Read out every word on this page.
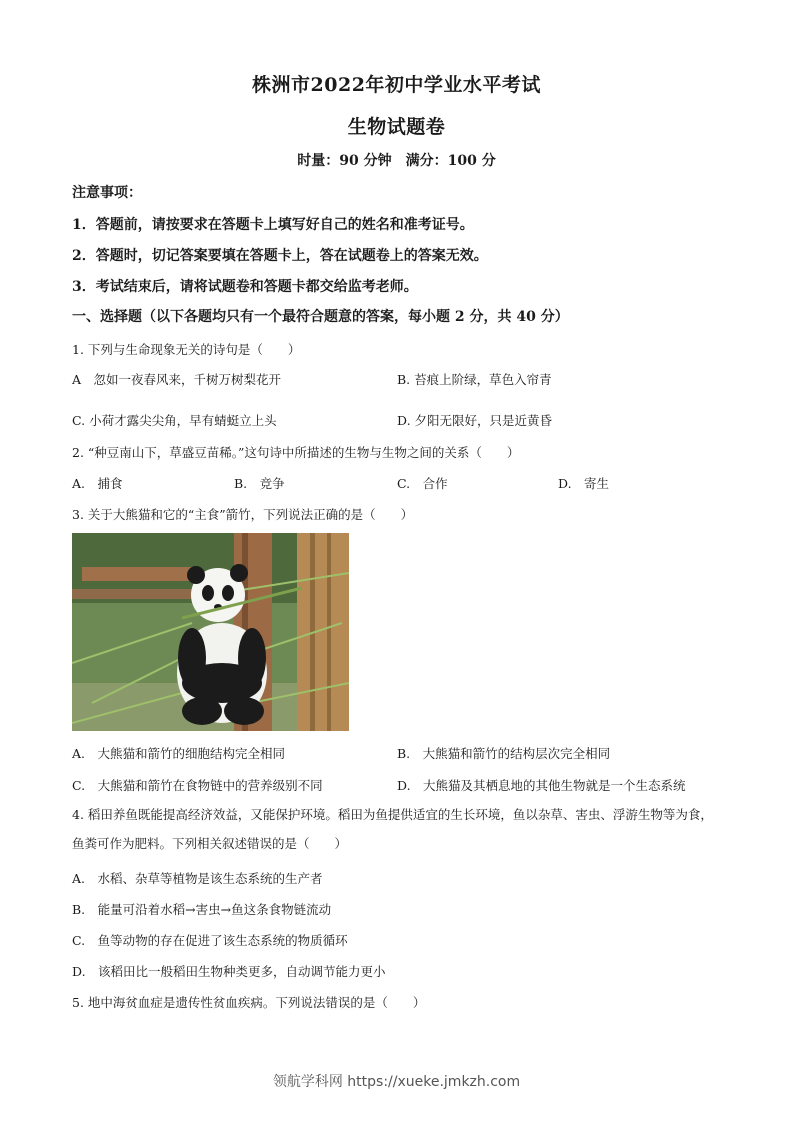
株洲市2022年初中学业水平考试
生物试题卷
时量：90 分钟　满分：100 分
注意事项：
1．答题前，请按要求在答题卡上填写好自己的姓名和准考证号。
2．答题时，切记答案要填在答题卡上，答在试题卷上的答案无效。
3．考试结束后，请将试题卷和答题卡都交给监考老师。
一、选择题（以下各题均只有一个最符合题意的答案，每小题 2 分，共 40 分）
1. 下列与生命现象无关的诗句是（　　）
A　忽如一夜春风来，千树万树梨花开	B. 苔痕上阶绿，草色入帘青
C. 小荷才露尖尖角，早有蜻蜓立上头	D. 夕阳无限好，只是近黄昏
2. “种豆南山下，草盛豆苗稀。”这句诗中所描述的生物与生物之间的关系（　　）
A.　捕食	B.　竞争	C.　合作	D.　寄生
3. 关于大熊猫和它的“主食”箭竹，下列说法正确的是（　　）
A.　大熊猫和箭竹的细胞结构完全相同	B.　大熊猫和箭竹的结构层次完全相同
C.　大熊猫和箭竹在食物链中的营养级别不同	D.　大熊猫及其栖息地的其他生物就是一个生态系统
4. 稻田养鱼既能提高经济效益，又能保护环境。稻田为鱼提供适宜的生长环境，鱼以杂草、害虫、浮游生物等为食，鱼粪可作为肥料。下列相关叙述错误的是（　　）
A.　水稻、杂草等植物是该生态系统的生产者
B.　能量可沿着水稻→害虫→鱼这条食物链流动
C.　鱼等动物的存在促进了该生态系统的物质循环
D.　该稻田比一般稻田生物种类更多，自动调节能力更小
5. 地中海贫血症是遗传性贫血疾病。下列说法错误的是（　　）
领航学科网 https://xueke.jmkzh.com
